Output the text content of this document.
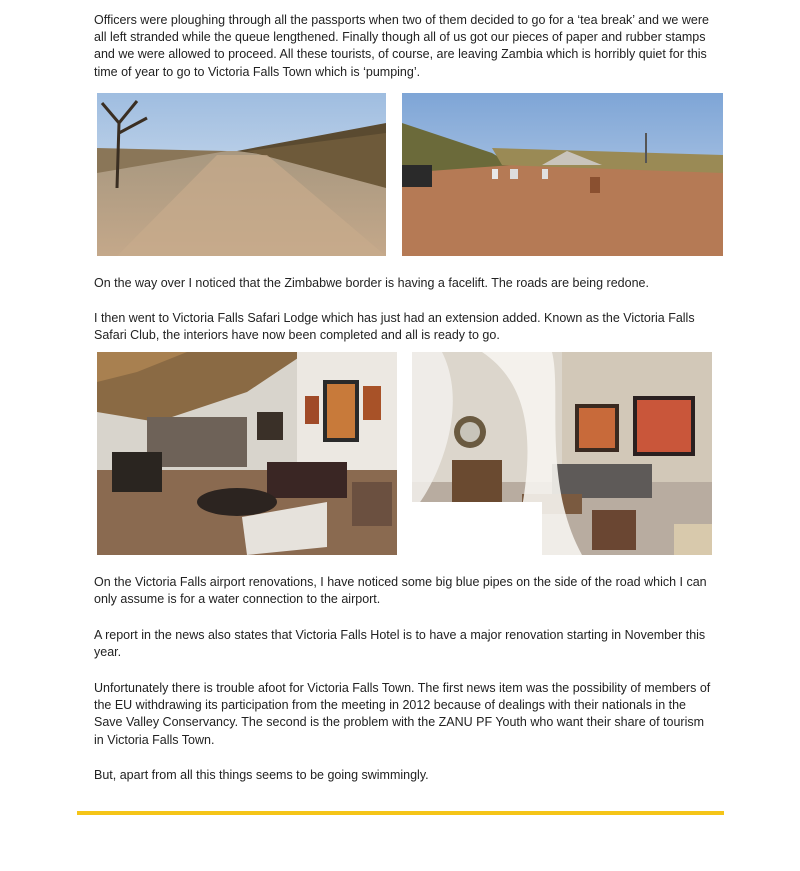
Officers were ploughing through all the passports when two of them decided to go for a ‘tea break’ and we were all left stranded while the queue lengthened. Finally though all of us got our pieces of paper and rubber stamps and we were allowed to proceed. All these tourists, of course, are leaving Zambia which is horribly quiet for this time of year to go to Victoria Falls Town which is ‘pumping’.

On the way over I noticed that the Zimbabwe border is having a facelift. The roads are being redone.

I then went to Victoria Falls Safari Lodge which has just had an extension added. Known as the Victoria Falls Safari Club, the interiors have now been completed and all is ready to go.

On the Victoria Falls airport renovations, I have noticed some big blue pipes on the side of the road which I can only assume is for a water connection to the airport.

A report in the news also states that Victoria Falls Hotel is to have a major renovation starting in November this year.

Unfortunately there is trouble afoot for Victoria Falls Town. The first news item was the possibility of members of the EU withdrawing its participation from the meeting in 2012 because of dealings with their nationals in the Save Valley Conservancy. The second is the problem with the ZANU PF Youth who want their share of tourism in Victoria Falls Town.

But, apart from all this things seems to be going swimmingly.
